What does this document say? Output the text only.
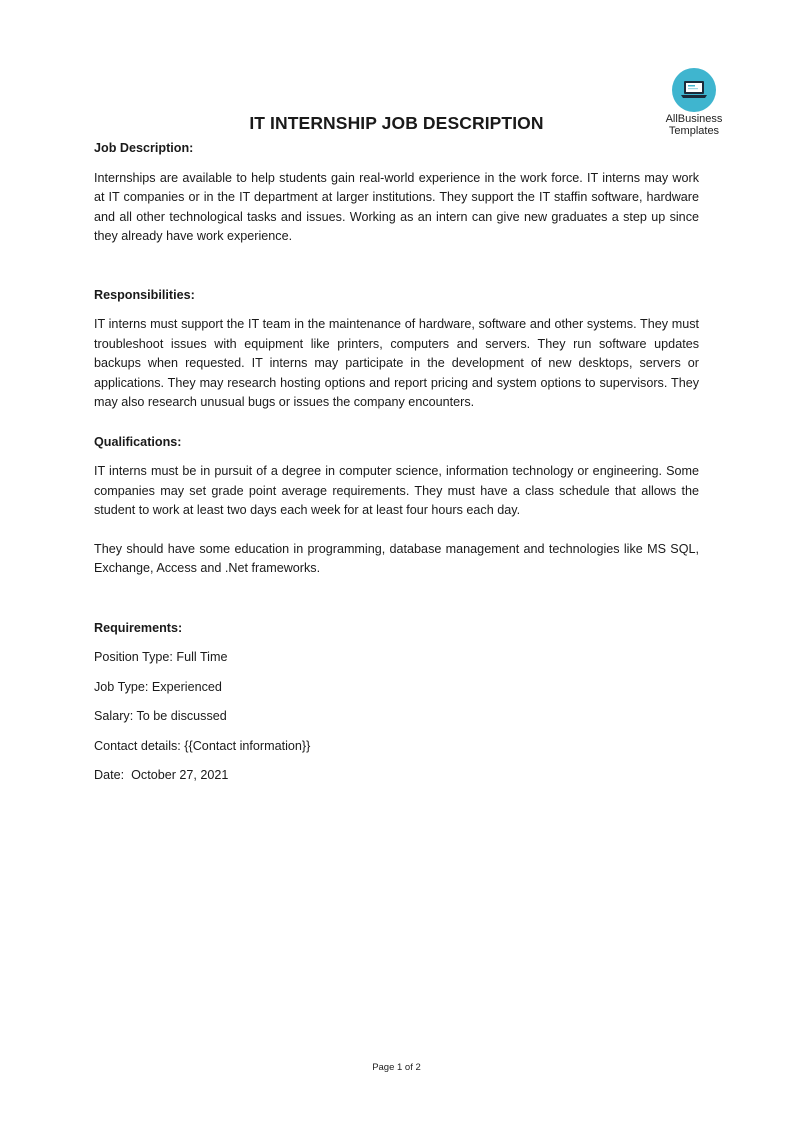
AllBusiness
Templates
IT INTERNSHIP JOB DESCRIPTION

Job Description:

Internships are available to help students gain real-world experience in the work force. IT interns may work at IT companies or in the IT department at larger institutions. They support the IT staffin software, hardware and all other technological tasks and issues. Working as an intern can give new graduates a step up since they already have work experience.

Responsibilities:

IT interns must support the IT team in the maintenance of hardware, software and other systems. They must troubleshoot issues with equipment like printers, computers and servers. They run software updates backups when requested. IT interns may participate in the development of new desktops, servers or applications. They may research hosting options and report pricing and system options to supervisors. They may also research unusual bugs or issues the company encounters.

Qualifications:

IT interns must be in pursuit of a degree in computer science, information technology or engineering. Some companies may set grade point average requirements. They must have a class schedule that allows the student to work at least two days each week for at least four hours each day.

They should have some education in programming, database management and technologies like MS SQL, Exchange, Access and .Net frameworks.

Requirements:

Position Type: Full Time

Job Type: Experienced

Salary: To be discussed

Contact details: {{Contact information}}

Date:  October 27, 2021

Page 1 of 2
